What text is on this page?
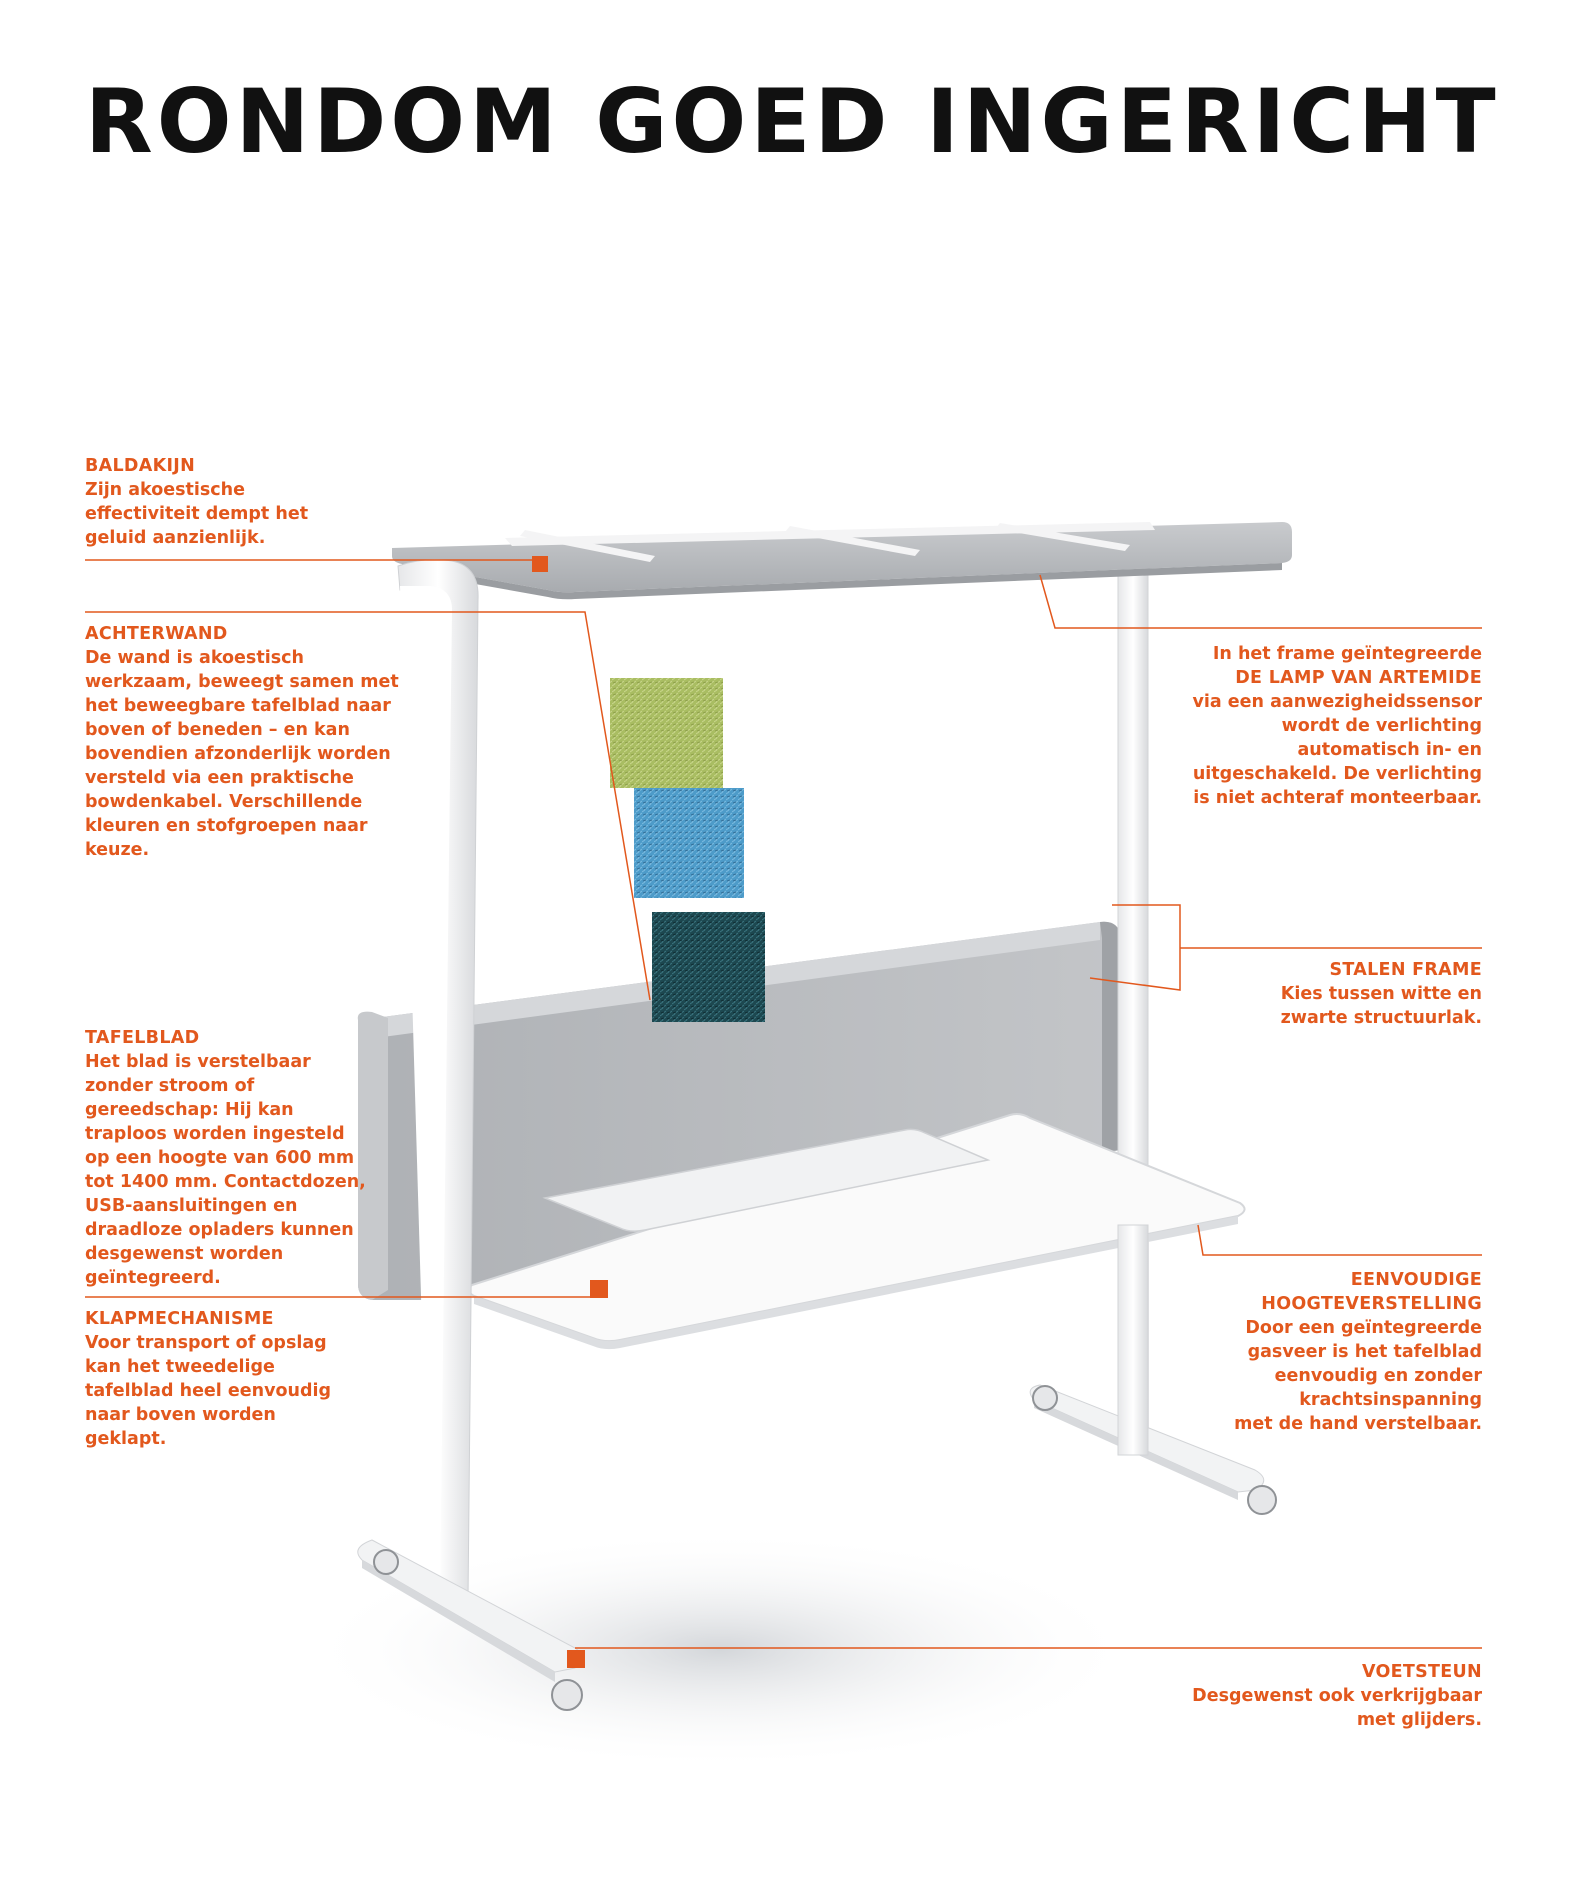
RONDOM GOED INGERICHT
BALDAKIJN
Zijn akoestische
effectiviteit dempt het
geluid aanzienlijk.
ACHTERWAND
De wand is akoestisch
werkzaam, beweegt samen met
het beweegbare tafelblad naar
boven of beneden – en kan
bovendien afzonderlijk worden
versteld via een praktische
bowdenkabel. Verschillende
kleuren en stofgroepen naar
keuze.
In het frame geïntegreerde
DE LAMP VAN ARTEMIDE
via een aanwezigheidssensor
wordt de verlichting
automatisch in- en
uitgeschakeld. De verlichting
is niet achteraf monteerbaar.
STALEN FRAME
Kies tussen witte en
zwarte structuurlak.
TAFELBLAD
Het blad is verstelbaar
zonder stroom of
gereedschap: Hij kan
traploos worden ingesteld
op een hoogte van 600 mm
tot 1400 mm. Contactdozen,
USB-aansluitingen en
draadloze opladers kunnen
desgewenst worden
geïntegreerd.
KLAPMECHANISME
Voor transport of opslag
kan het tweedelige
tafelblad heel eenvoudig
naar boven worden
geklapt.
EENVOUDIGE
HOOGTEVERSTELLING
Door een geïntegreerde
gasveer is het tafelblad
eenvoudig en zonder
krachtsinspanning
met de hand verstelbaar.
VOETSTEUN
Desgewenst ook verkrijgbaar
met glijders.
